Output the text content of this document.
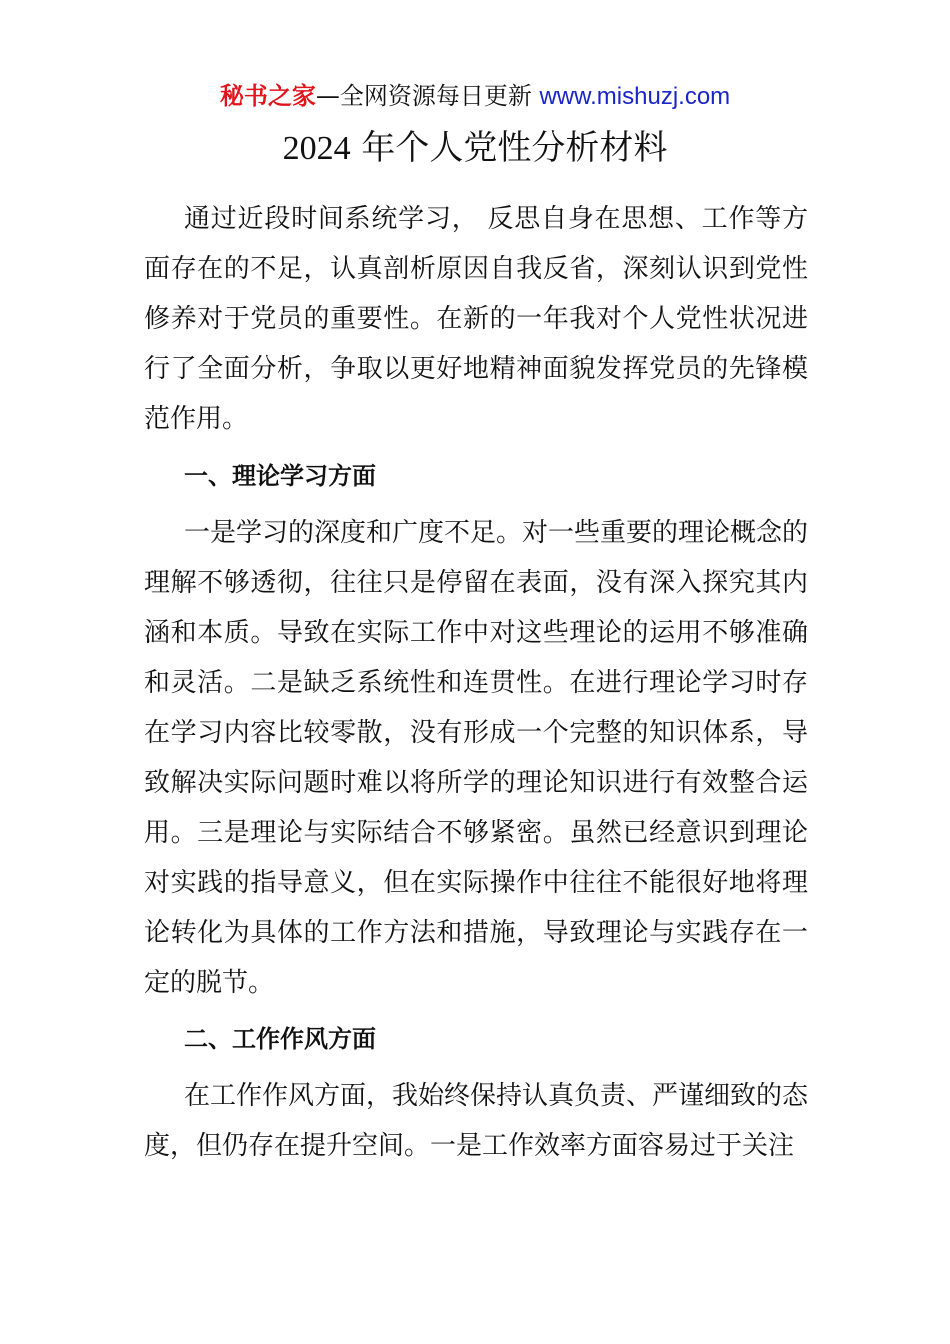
秘书之家—全网资源每日更新 www.mishuzj.com
2024 年个人党性分析材料

通过近段时间系统学习， 反思自身在思想、工作等方面存在的不足，认真剖析原因自我反省，深刻认识到党性修养对于党员的重要性。在新的一年我对个人党性状况进行了全面分析，争取以更好地精神面貌发挥党员的先锋模范作用。

一、理论学习方面

一是学习的深度和广度不足。对一些重要的理论概念的理解不够透彻，往往只是停留在表面，没有深入探究其内涵和本质。导致在实际工作中对这些理论的运用不够准确和灵活。二是缺乏系统性和连贯性。在进行理论学习时存在学习内容比较零散，没有形成一个完整的知识体系，导致解决实际问题时难以将所学的理论知识进行有效整合运用。三是理论与实际结合不够紧密。虽然已经意识到理论对实践的指导意义，但在实际操作中往往不能很好地将理论转化为具体的工作方法和措施，导致理论与实践存在一定的脱节。

二、工作作风方面

在工作作风方面，我始终保持认真负责、严谨细致的态度，但仍存在提升空间。一是工作效率方面容易过于关注
